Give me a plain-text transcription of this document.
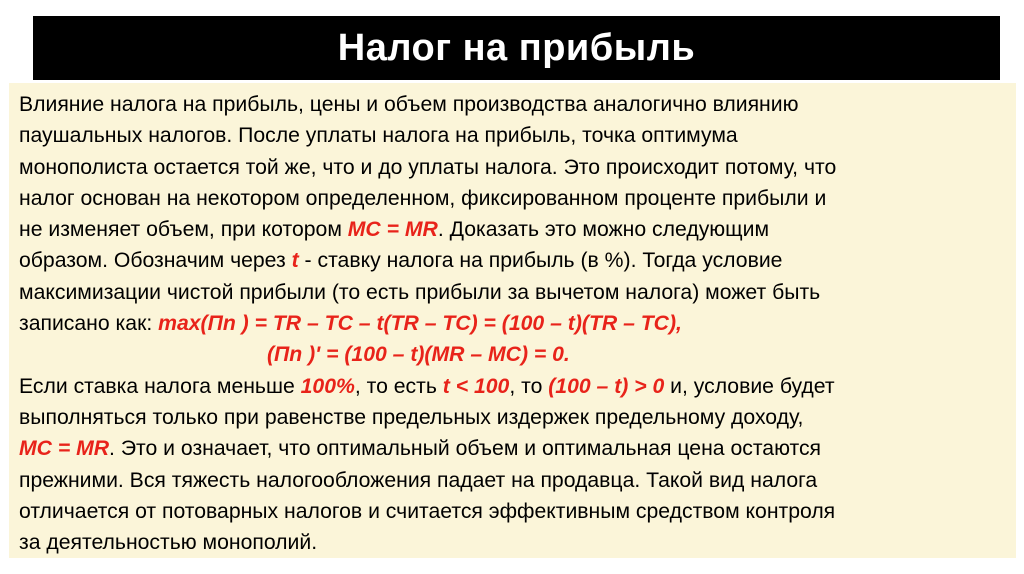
Налог на прибыль

Влияние налога на прибыль, цены и объем производства аналогично влиянию
паушальных налогов. После уплаты налога на прибыль, точка оптимума
монополиста остается той же, что и до уплаты налога. Это происходит потому, что
налог основан на некотором определенном, фиксированном проценте прибыли и
не изменяет объем, при котором MC = MR. Доказать это можно следующим
образом. Обозначим через t - ставку налога на прибыль (в %). Тогда условие
максимизации чистой прибыли (то есть прибыли за вычетом налога) может быть
записано как: max(Пn ) = TR – TC – t(TR – TC) = (100 – t)(TR – TC),
(Пn )' = (100 – t)(MR – MC) = 0.
Если ставка налога меньше 100%, то есть t < 100, то (100 – t) > 0 и, условие будет
выполняться только при равенстве предельных издержек предельному доходу,
MC = MR. Это и означает, что оптимальный объем и оптимальная цена остаются
прежними. Вся тяжесть налогообложения падает на продавца. Такой вид налога
отличается от потоварных налогов и считается эффективным средством контроля
за деятельностью монополий.
